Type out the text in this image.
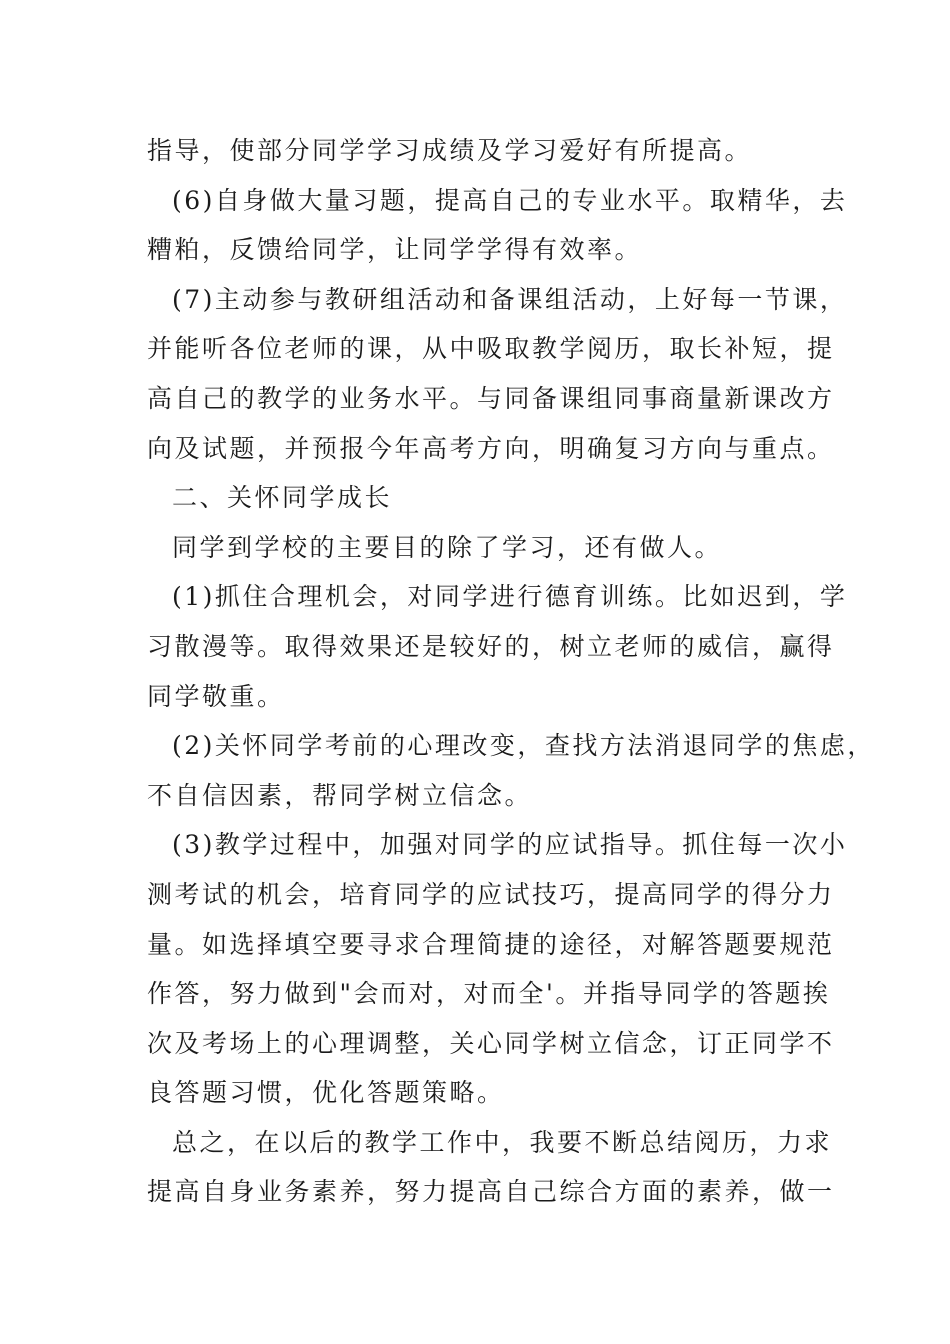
指导，使部分同学学习成绩及学习爱好有所提高。
(6)自身做大量习题，提高自己的专业水平。取精华，去
糟粕，反馈给同学，让同学学得有效率。
(7)主动参与教研组活动和备课组活动，上好每一节课，
并能听各位老师的课，从中吸取教学阅历，取长补短，提
高自己的教学的业务水平。与同备课组同事商量新课改方
向及试题，并预报今年高考方向，明确复习方向与重点。
二、关怀同学成长
同学到学校的主要目的除了学习，还有做人。
(1)抓住合理机会，对同学进行德育训练。比如迟到，学
习散漫等。取得效果还是较好的，树立老师的威信，赢得
同学敬重。
(2)关怀同学考前的心理改变，查找方法消退同学的焦虑，
不自信因素，帮同学树立信念。
(3)教学过程中，加强对同学的应试指导。抓住每一次小
测考试的机会，培育同学的应试技巧，提高同学的得分力
量。如选择填空要寻求合理简捷的途径，对解答题要规范
作答，努力做到"会而对，对而全'。并指导同学的答题挨
次及考场上的心理调整，关心同学树立信念，订正同学不
良答题习惯，优化答题策略。
总之，在以后的教学工作中，我要不断总结阅历，力求
提高自身业务素养，努力提高自己综合方面的素养，做一
